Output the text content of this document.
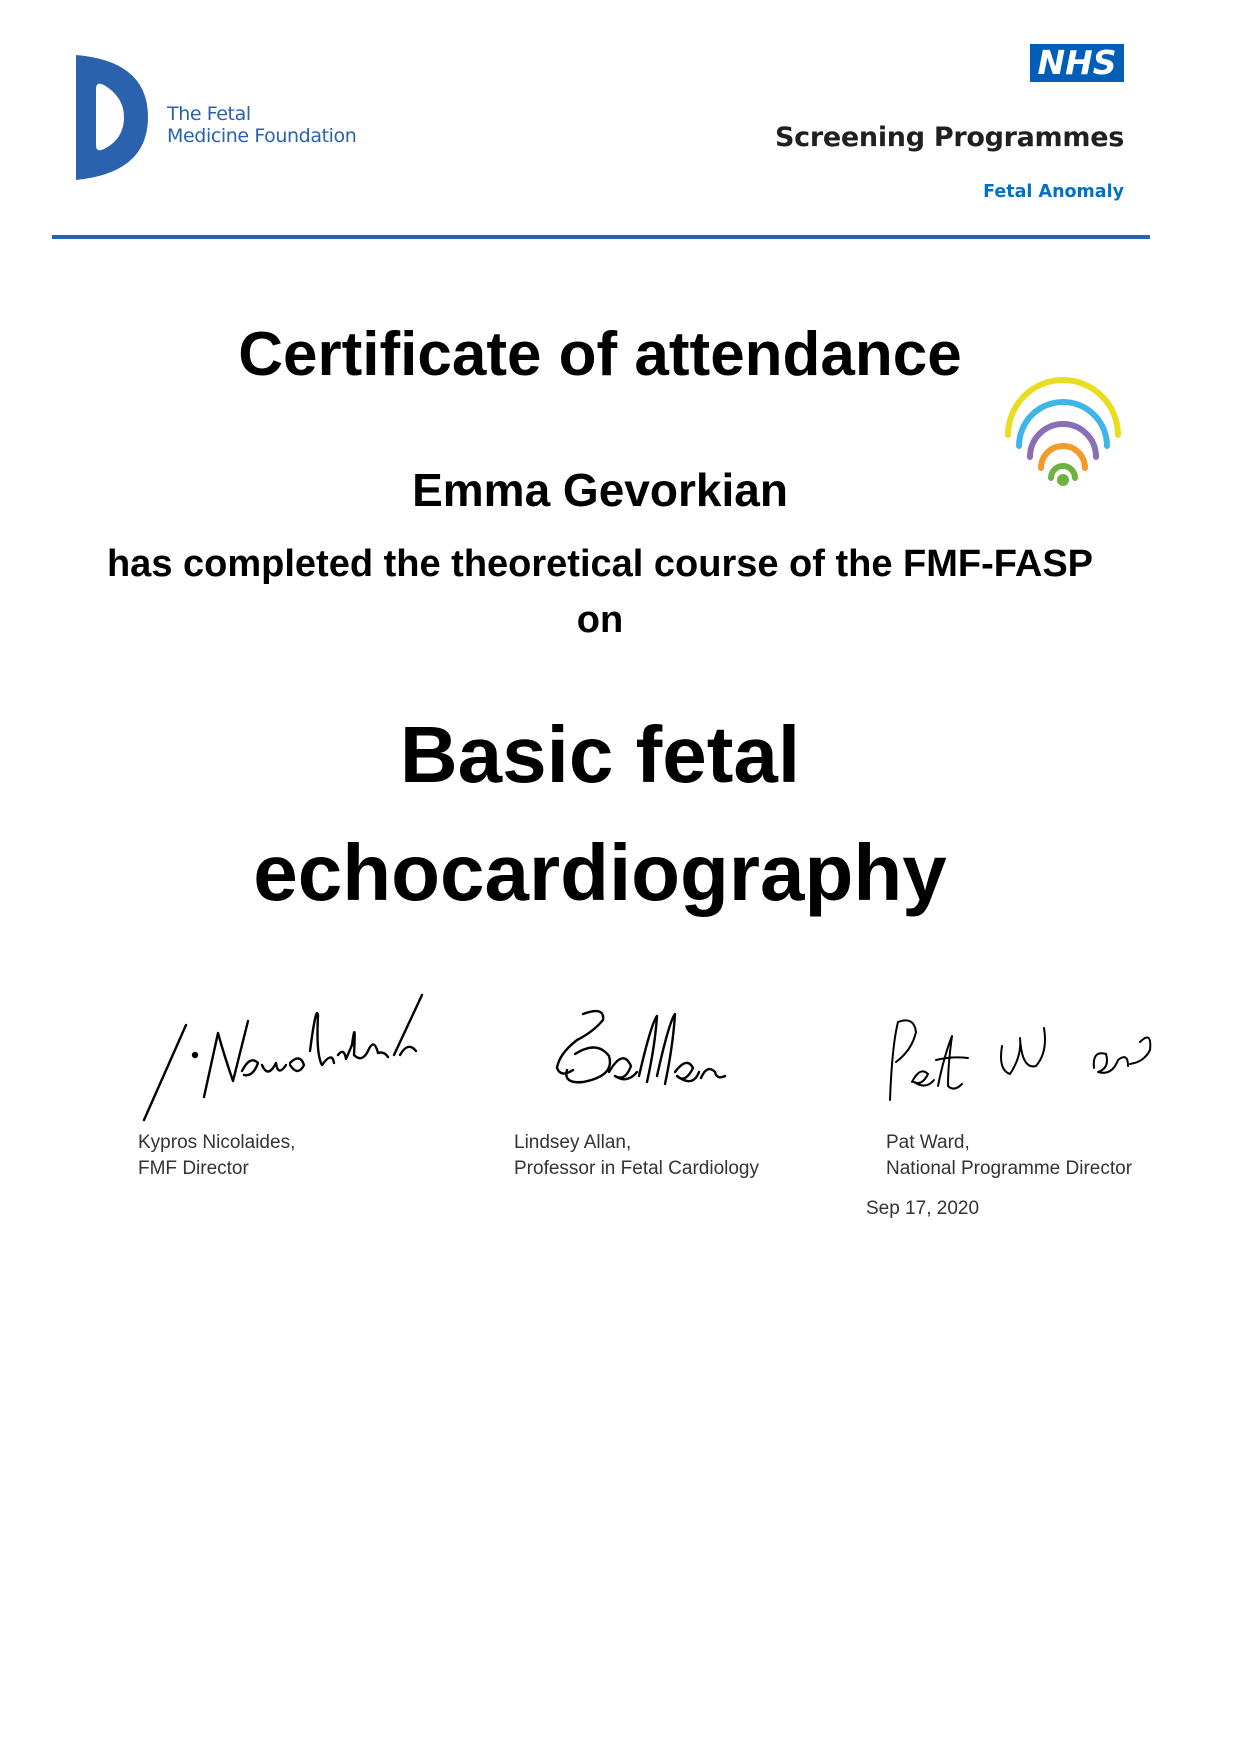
The Fetal
Medicine Foundation
NHS
Screening Programmes
Fetal Anomaly
Certificate of attendance
Emma Gevorkian
has completed the theoretical course of the FMF-FASP
on
Basic fetal
echocardiography
Kypros Nicolaides,
FMF Director
Lindsey Allan,
Professor in Fetal Cardiology
Pat Ward,
National Programme Director
Sep 17, 2020
